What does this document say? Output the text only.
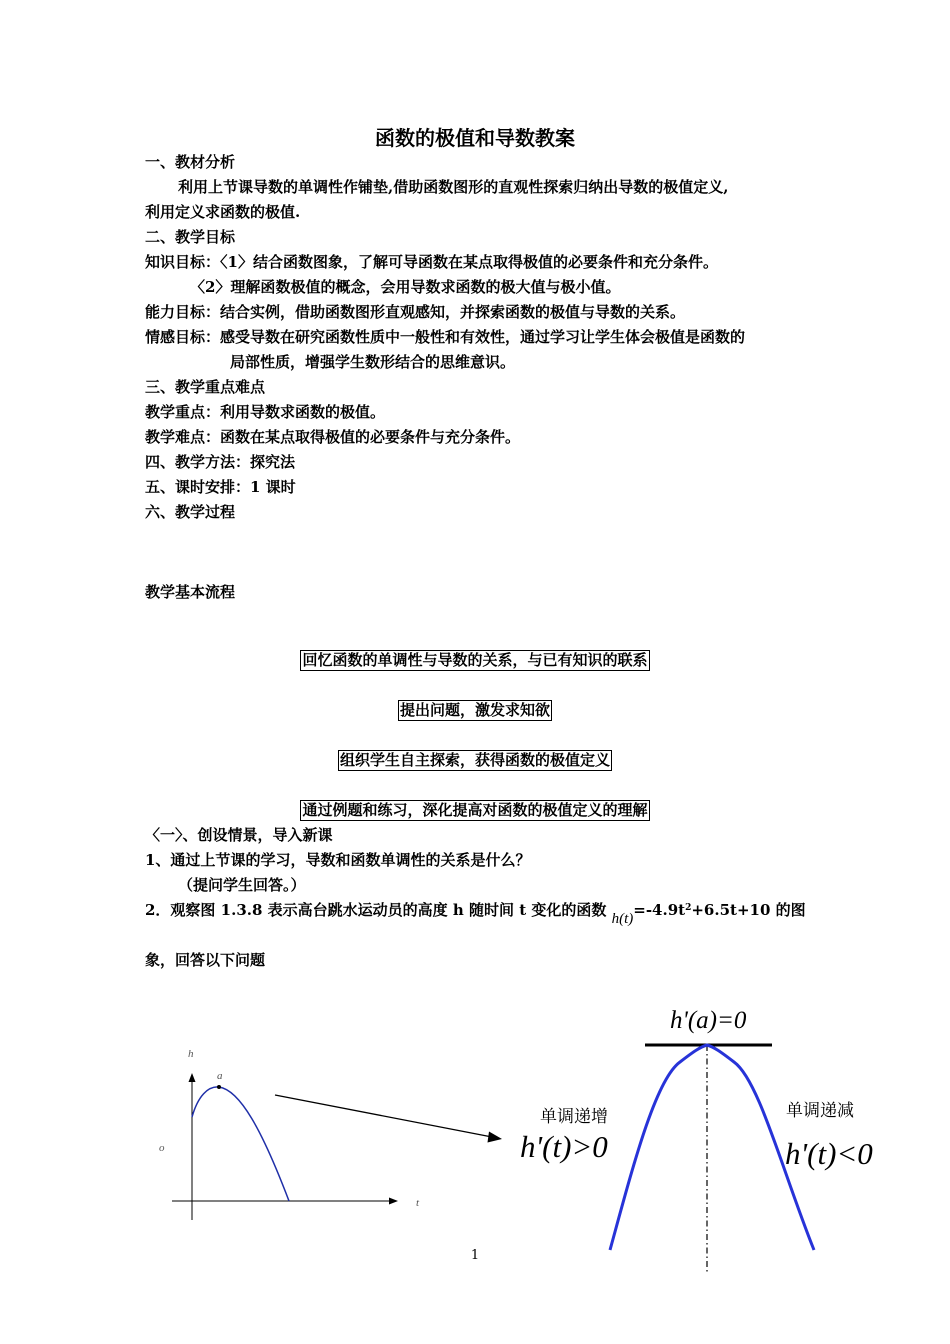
函数的极值和导数教案
一、教材分析
利用上节课导数的单调性作铺垫,借助函数图形的直观性探索归纳出导数的极值定义,
利用定义求函数的极值.
二、教学目标
知识目标：〈1〉结合函数图象，了解可导函数在某点取得极值的必要条件和充分条件。
〈2〉理解函数极值的概念，会用导数求函数的极大值与极小值。
能力目标：结合实例，借助函数图形直观感知，并探索函数的极值与导数的关系。
情感目标：感受导数在研究函数性质中一般性和有效性，通过学习让学生体会极值是函数的
局部性质，增强学生数形结合的思维意识。
三、教学重点难点
教学重点：利用导数求函数的极值。
教学难点：函数在某点取得极值的必要条件与充分条件。
四、教学方法：探究法
五、课时安排：1 课时
六、教学过程
教学基本流程
回忆函数的单调性与导数的关系，与已有知识的联系
提出问题，激发求知欲
组织学生自主探索，获得函数的极值定义
通过例题和练习，深化提高对函数的极值定义的理解
〈一〉、创设情景，导入新课
1、通过上节课的学习，导数和函数单调性的关系是什么？
（提问学生回答。）
2．观察图 1.3.8 表示高台跳水运动员的高度 h 随时间 t 变化的函数 $h(t)=-4.9t^2+6.5t+10$ 的图
象，回答以下问题
h
t
o
a
h'(a)=0
单调递增
h'(t)>0
单调递减
h'(t)<0
1
